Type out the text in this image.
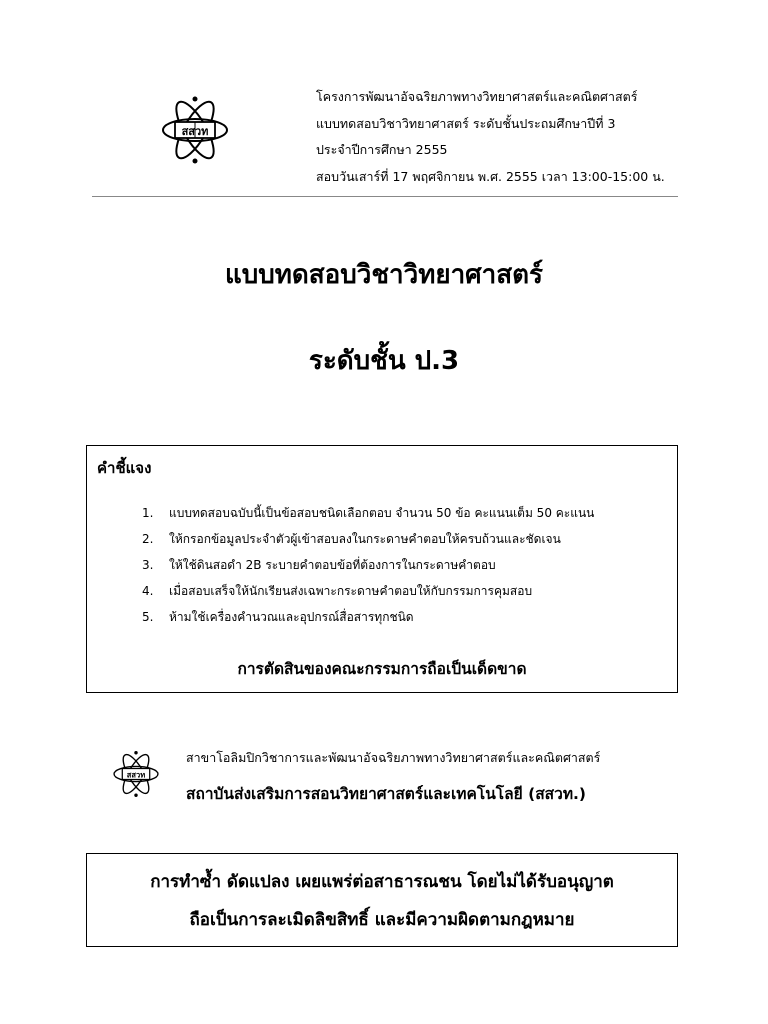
สสวท
โครงการพัฒนาอัจฉริยภาพทางวิทยาศาสตร์และคณิตศาสตร์
แบบทดสอบวิชาวิทยาศาสตร์ ระดับชั้นประถมศึกษาปีที่ 3
ประจำปีการศึกษา 2555
สอบวันเสาร์ที่ 17 พฤศจิกายน พ.ศ. 2555 เวลา 13:00-15:00 น.
แบบทดสอบวิชาวิทยาศาสตร์
ระดับชั้น ป.3
คำชี้แจง
1.	แบบทดสอบฉบับนี้เป็นข้อสอบชนิดเลือกตอบ จำนวน 50 ข้อ คะแนนเต็ม 50 คะแนน
2.	ให้กรอกข้อมูลประจำตัวผู้เข้าสอบลงในกระดาษคำตอบให้ครบถ้วนและชัดเจน
3.	ให้ใช้ดินสอดำ 2B ระบายคำตอบข้อที่ต้องการในกระดาษคำตอบ
4.	เมื่อสอบเสร็จให้นักเรียนส่งเฉพาะกระดาษคำตอบให้กับกรรมการคุมสอบ
5.	ห้ามใช้เครื่องคำนวณและอุปกรณ์สื่อสารทุกชนิด
การตัดสินของคณะกรรมการถือเป็นเด็ดขาด
สสวท
สาขาโอลิมปิกวิชาการและพัฒนาอัจฉริยภาพทางวิทยาศาสตร์และคณิตศาสตร์
สถาบันส่งเสริมการสอนวิทยาศาสตร์และเทคโนโลยี (สสวท.)
การทำซ้ำ ดัดแปลง เผยแพร่ต่อสาธารณชน โดยไม่ได้รับอนุญาต
ถือเป็นการละเมิดลิขสิทธิ์ และมีความผิดตามกฎหมาย
